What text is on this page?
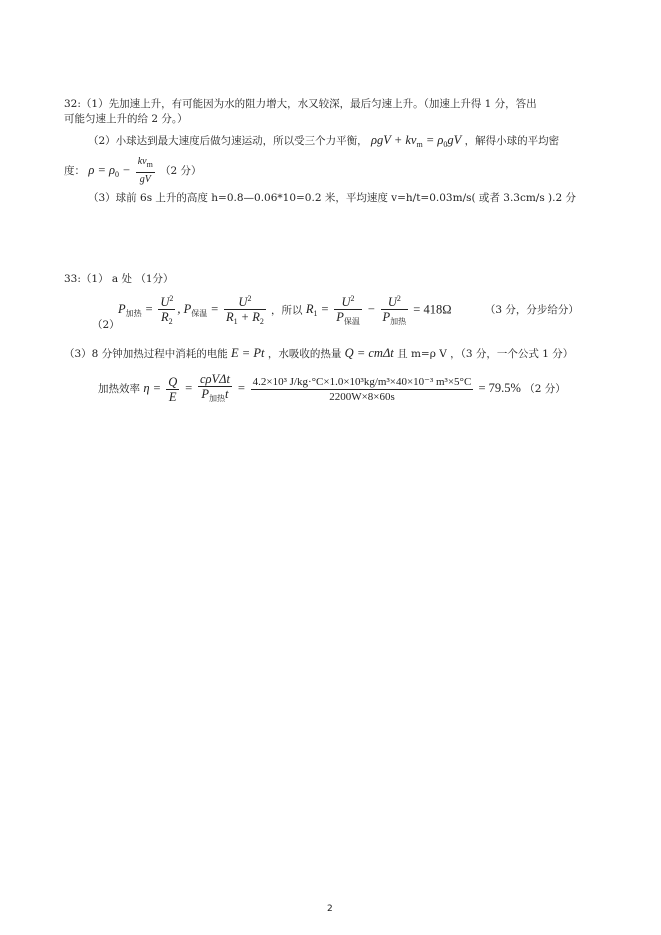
32:（1）先加速上升，有可能因为水的阻力增大，水又较深，最后匀速上升。（加速上升得 1 分，答出
可能匀速上升的给 2 分。）
（2）小球达到最大速度后做匀速运动，所以受三个力平衡， $\rho gV + kv_m = \rho_0gV$ ，解得小球的平均密
度： $\rho = \rho_0 - \frac{kv_m}{gV} (2$ 分）
（3）球前 6s 上升的高度 h=0.8—0.06*10=0.2 米，平均速度 v=h/t=0.03m/s( 或者 3.3cm/s ).2 分
33:（1） a 处 （1分）
（2）
$P_{加热} = \frac{U^2}{R_2}$ , $P_{保温} = \frac{U^2}{R_1 + R_2}$ ，所以 $R_1 = \frac{U^2}{P_{保温}} - \frac{U^2}{P_{加热}} = 418\Omega$	（3 分，分步给分）
（3）8 分钟加热过程中消耗的电能 E = Pt ，水吸收的热量 Q = cmΔt 且 m=ρ V ，（3 分，一个公式 1 分）
加热效率 $\eta = \frac{Q}{E} = \frac{\text{cρVΔt}}{P_{加热}t} = \frac{\text{4.2×10³ J/kg·°C×1.0×10³kg/m³×40×10⁻³ m³×5°C}}{2200W\times 8\times 60s} = 79.5\%$ （2 分）
2
